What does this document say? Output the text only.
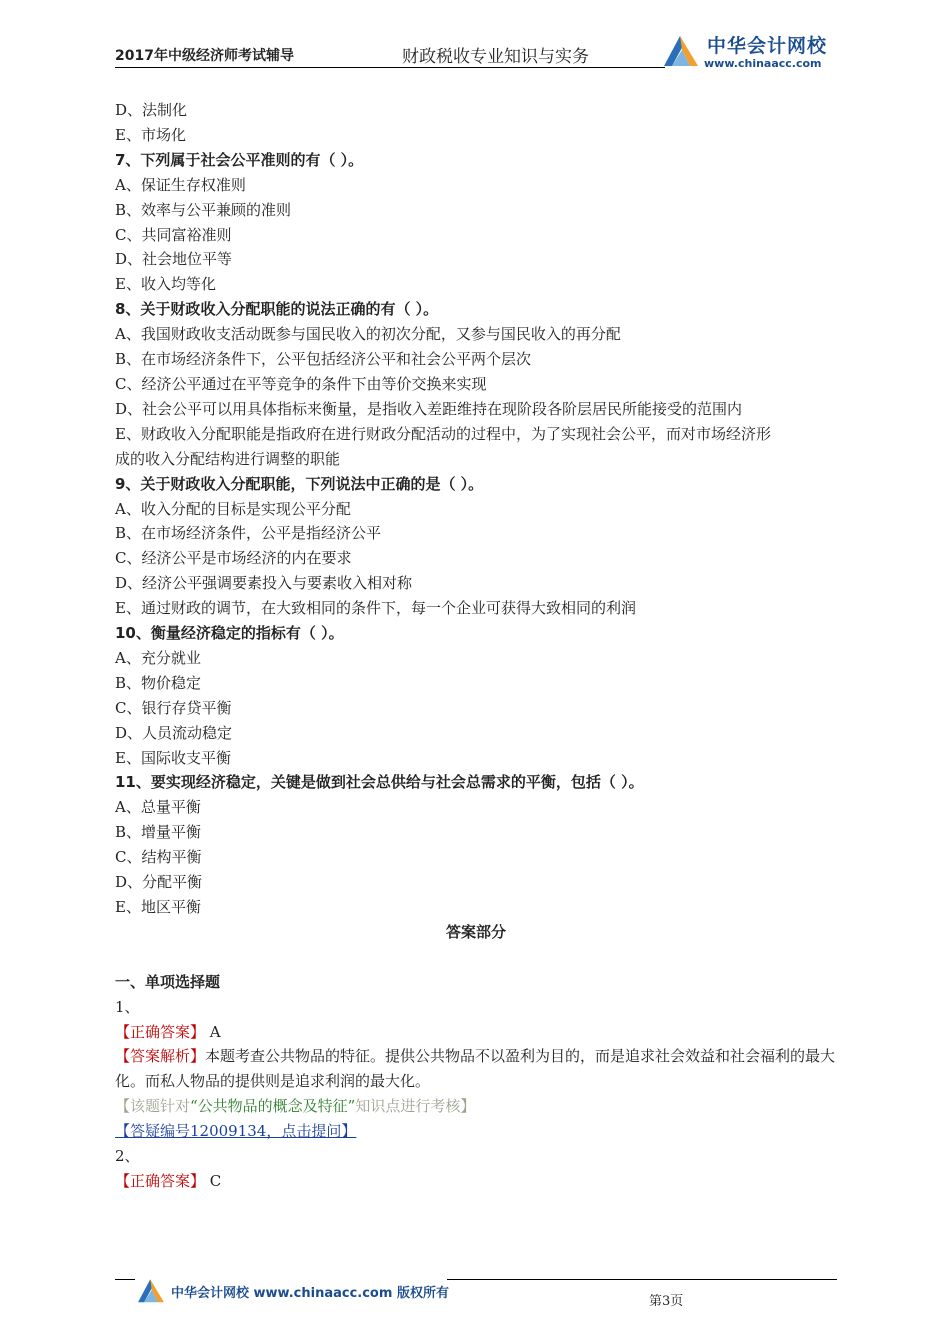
2017年中级经济师考试辅导	财政税收专业知识与实务	中华会计网校
www.chinaacc.com
D、法制化
E、市场化
7、下列属于社会公平准则的有（ ）。
A、保证生存权准则
B、效率与公平兼顾的准则
C、共同富裕准则
D、社会地位平等
E、收入均等化
8、关于财政收入分配职能的说法正确的有（ ）。
A、我国财政收支活动既参与国民收入的初次分配，又参与国民收入的再分配
B、在市场经济条件下，公平包括经济公平和社会公平两个层次
C、经济公平通过在平等竞争的条件下由等价交换来实现
D、社会公平可以用具体指标来衡量，是指收入差距维持在现阶段各阶层居民所能接受的范围内
E、财政收入分配职能是指政府在进行财政分配活动的过程中，为了实现社会公平，而对市场经济形
成的收入分配结构进行调整的职能
9、关于财政收入分配职能，下列说法中正确的是（ ）。
A、收入分配的目标是实现公平分配
B、在市场经济条件，公平是指经济公平
C、经济公平是市场经济的内在要求
D、经济公平强调要素投入与要素收入相对称
E、通过财政的调节，在大致相同的条件下，每一个企业可获得大致相同的利润
10、衡量经济稳定的指标有（ ）。
A、充分就业
B、物价稳定
C、银行存贷平衡
D、人员流动稳定
E、国际收支平衡
11、要实现经济稳定，关键是做到社会总供给与社会总需求的平衡，包括（ ）。
A、总量平衡
B、增量平衡
C、结构平衡
D、分配平衡
E、地区平衡
答案部分
一、单项选择题
1、
【正确答案】 A
【答案解析】本题考查公共物品的特征。提供公共物品不以盈利为目的，而是追求社会效益和社会福利的最大化。而私人物品的提供则是追求利润的最大化。
【该题针对“公共物品的概念及特征”知识点进行考核】
【答疑编号12009134，点击提问】
2、
【正确答案】 C
中华会计网校 www.chinaacc.com 版权所有
第3页
